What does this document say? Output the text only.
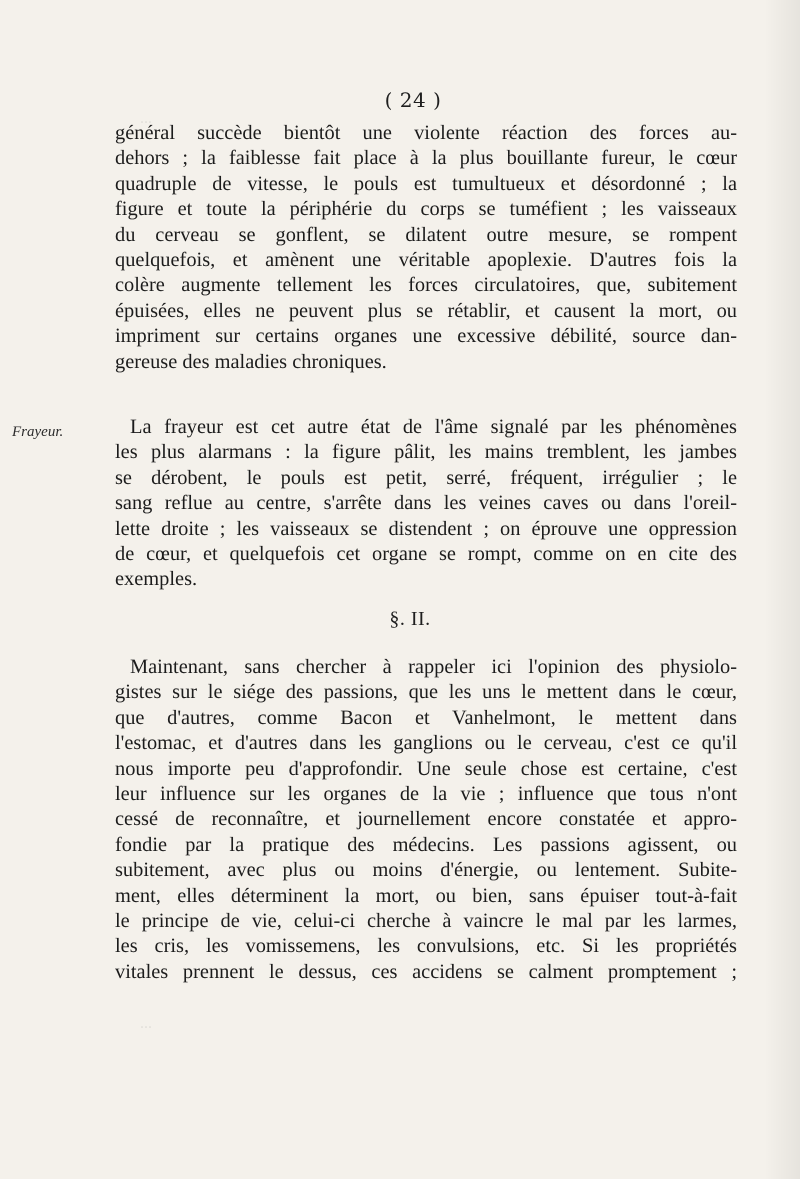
...
...
( 24 )
Frayeur.
général succède bientôt une violente réaction des forces au-
dehors ; la faiblesse fait place à la plus bouillante fureur, le cœur
quadruple de vitesse, le pouls est tumultueux et désordonné ; la
figure et toute la périphérie du corps se tuméfient ; les vaisseaux
du cerveau se gonflent, se dilatent outre mesure, se rompent
quelquefois, et amènent une véritable apoplexie. D'autres fois la
colère augmente tellement les forces circulatoires, que, subitement
épuisées, elles ne peuvent plus se rétablir, et causent la mort, ou
impriment sur certains organes une excessive débilité, source dan-
gereuse des maladies chroniques.
La frayeur est cet autre état de l'âme signalé par les phénomènes
les plus alarmans : la figure pâlit, les mains tremblent, les jambes
se dérobent, le pouls est petit, serré, fréquent, irrégulier ; le
sang reflue au centre, s'arrête dans les veines caves ou dans l'oreil-
lette droite ; les vaisseaux se distendent ; on éprouve une oppression
de cœur, et quelquefois cet organe se rompt, comme on en cite des
exemples.
§. II.
Maintenant, sans chercher à rappeler ici l'opinion des physiolo-
gistes sur le siége des passions, que les uns le mettent dans le cœur,
que d'autres, comme Bacon et Vanhelmont, le mettent dans
l'estomac, et d'autres dans les ganglions ou le cerveau, c'est ce qu'il
nous importe peu d'approfondir. Une seule chose est certaine, c'est
leur influence sur les organes de la vie ; influence que tous n'ont
cessé de reconnaître, et journellement encore constatée et appro-
fondie par la pratique des médecins. Les passions agissent, ou
subitement, avec plus ou moins d'énergie, ou lentement. Subite-
ment, elles déterminent la mort, ou bien, sans épuiser tout-à-fait
le principe de vie, celui-ci cherche à vaincre le mal par les larmes,
les cris, les vomissemens, les convulsions, etc. Si les propriétés
vitales prennent le dessus, ces accidens se calment promptement ;
